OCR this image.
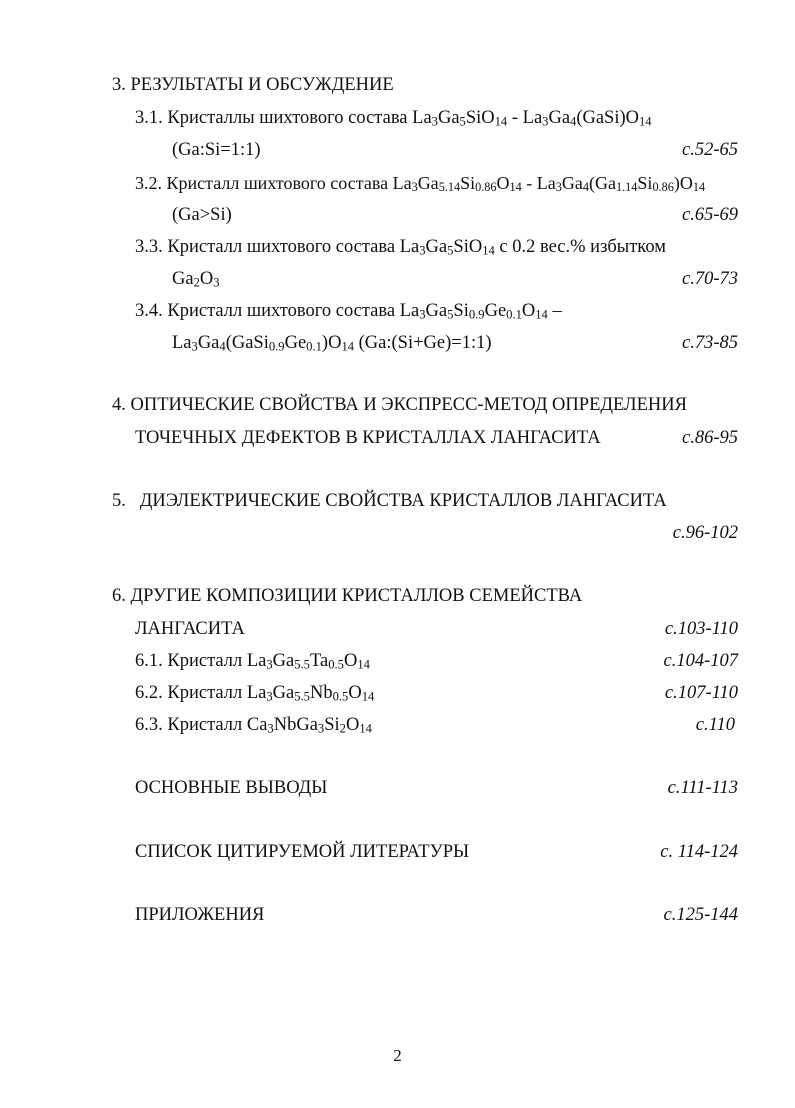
3. РЕЗУЛЬТАТЫ И ОБСУЖДЕНИЕ
3.1. Кристаллы шихтового состава $La_3Ga_5SiO_{14}$ - $La_3Ga_4(GaSi)O_{14}$
(Ga:Si=1:1)	с.52-65
3.2. Кристалл шихтового состава $La_3Ga_{5.14}Si_{0.86}O_{14} - La_3Ga_4(Ga_{1.14}Si_{0.86})O_{14}$
(Ga>Si)	с.65-69
3.3. Кристалл шихтового состава $La_3Ga_5SiO_{14}$ с 0.2 вес.% избытком
$Ga_2O_3$	с.70-73
3.4. Кристалл шихтового состава $La_3Ga_5Si_{0.9}Ge_{0.1}O_{14}$ –
$La_3Ga_4(GaSi_{0.9}Ge_{0.1})O_{14}$ (Ga:(Si+Ge)=1:1)	с.73-85
4. ОПТИЧЕСКИЕ СВОЙСТВА И ЭКСПРЕСС-МЕТОД ОПРЕДЕЛЕНИЯ
ТОЧЕЧНЫХ ДЕФЕКТОВ В КРИСТАЛЛАХ ЛАНГАСИТА	с.86-95
5.   ДИЭЛЕКТРИЧЕСКИЕ СВОЙСТВА КРИСТАЛЛОВ ЛАНГАСИТА
с.96-102
6. ДРУГИЕ КОМПОЗИЦИИ КРИСТАЛЛОВ СЕМЕЙСТВА
ЛАНГАСИТА	с.103-110
6.1. Кристалл $La_3Ga_{5.5}Ta_{0.5}O_{14}$	с.104-107
6.2. Кристалл $La_3Ga_{5.5}Nb_{0.5}O_{14}$	с.107-110
6.3. Кристалл $Ca_3NbGa_3Si_2O_{14}$	с.110
ОСНОВНЫЕ ВЫВОДЫ	с.111-113
СПИСОК ЦИТИРУЕМОЙ ЛИТЕРАТУРЫ	с. 114-124
ПРИЛОЖЕНИЯ	с.125-144
2
